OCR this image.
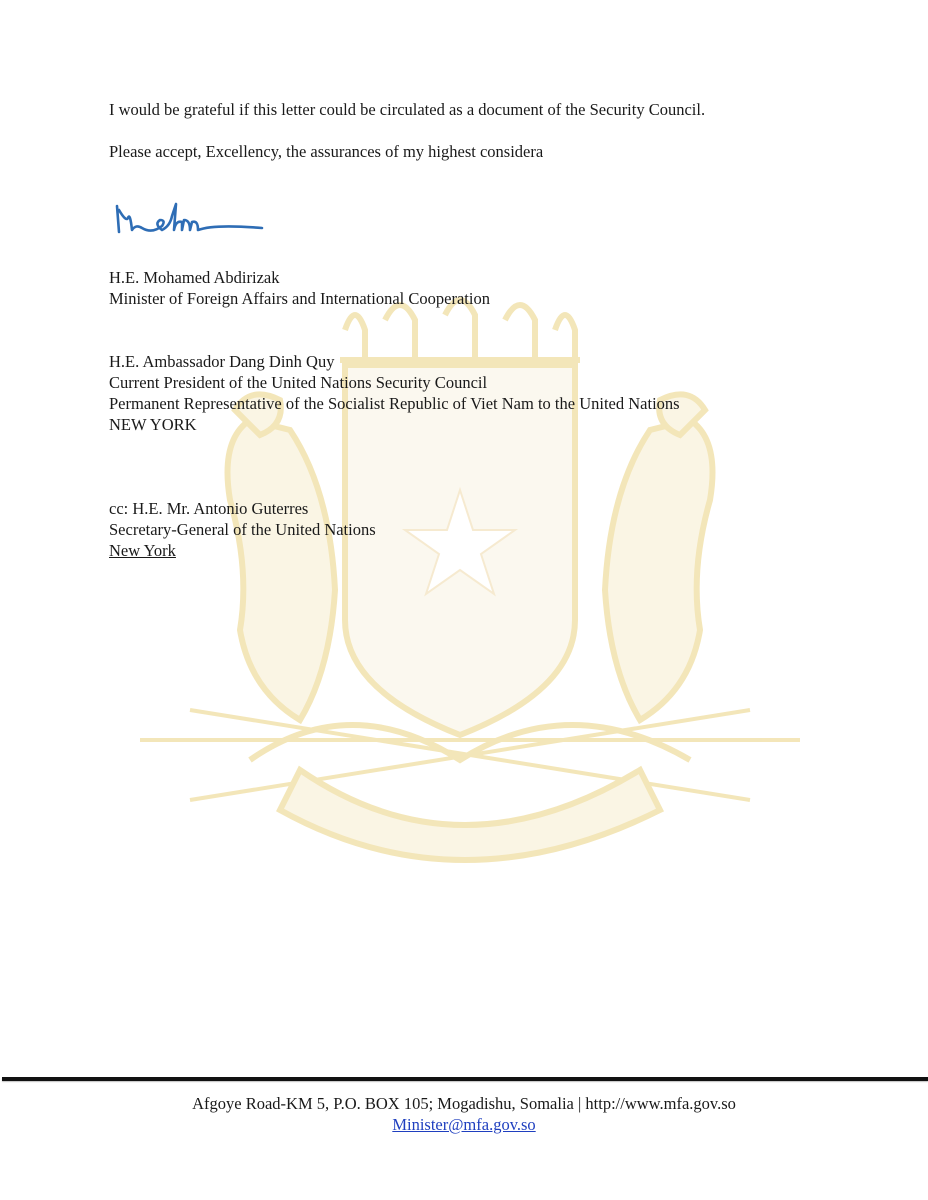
I would be grateful if this letter could be circulated as a document of the Security Council.
Please accept, Excellency, the assurances of my highest considera
H.E. Mohamed Abdirizak
Minister of Foreign Affairs and International Cooperation
H.E. Ambassador Dang Dinh Quy
Current President of the United Nations Security Council
Permanent Representative of the Socialist Republic of Viet Nam to the United Nations
NEW YORK
cc: H.E. Mr. Antonio Guterres
Secretary-General of the United Nations
New York
Afgoye Road-KM 5, P.O. BOX 105; Mogadishu, Somalia | http://www.mfa.gov.so
Minister@mfa.gov.so
